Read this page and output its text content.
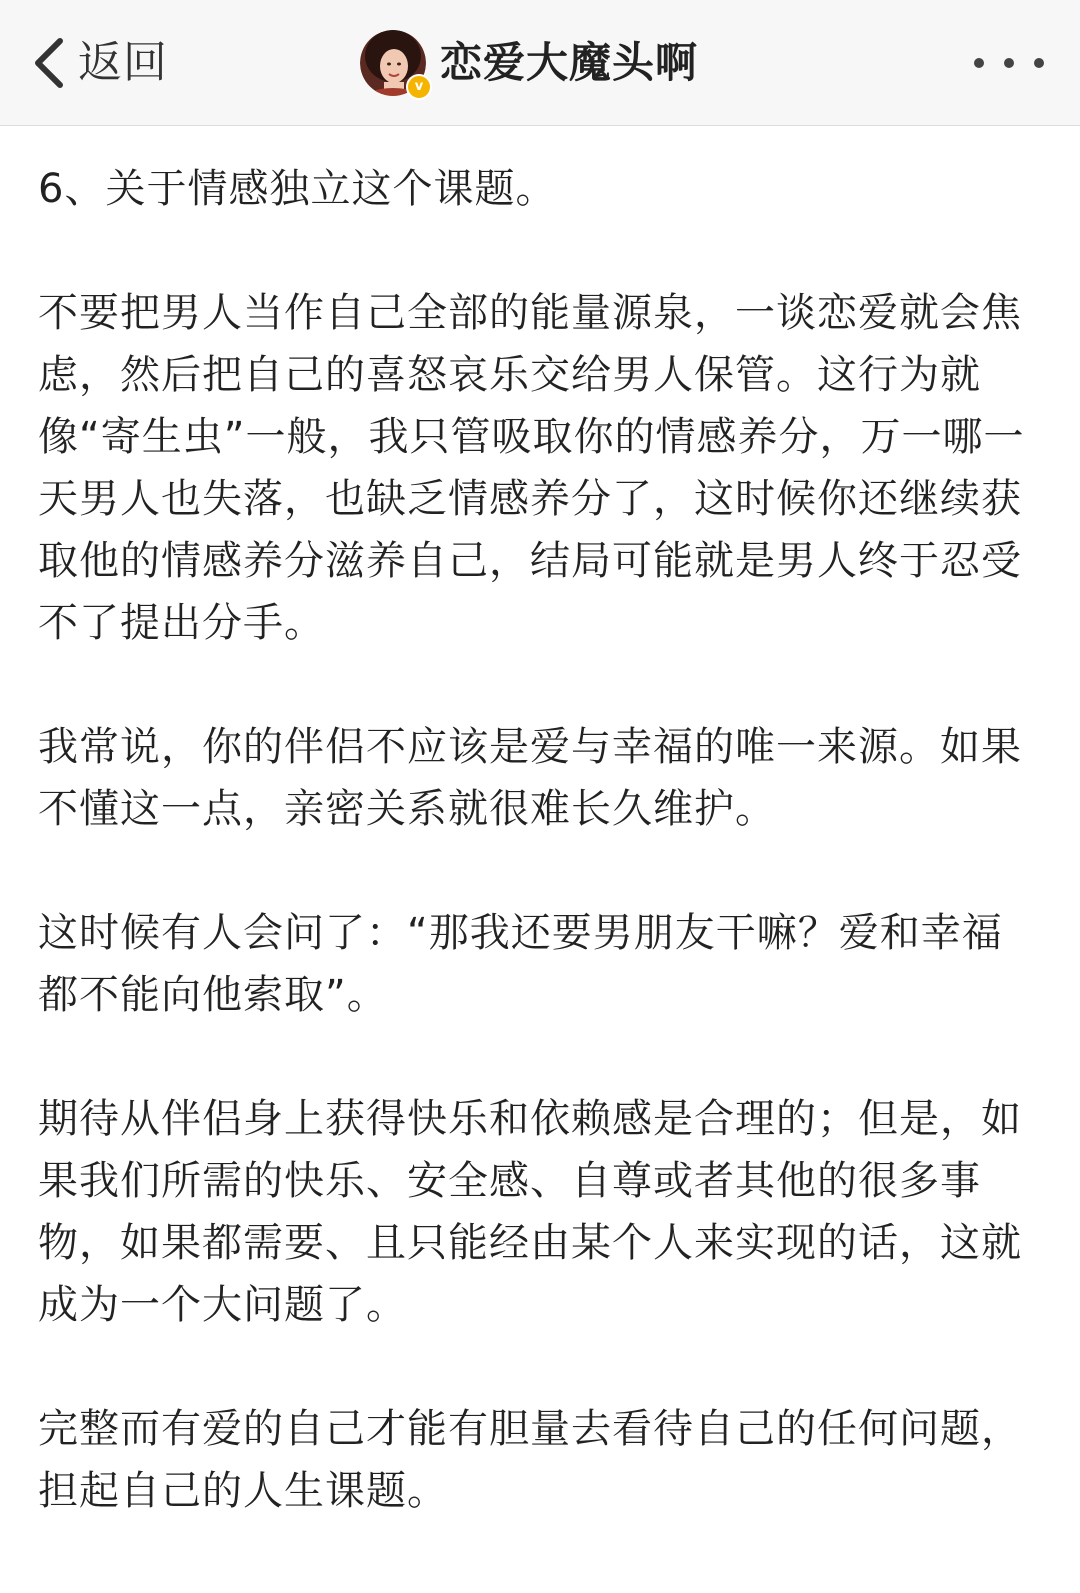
返回	v 恋爱大魔头啊

6、关于情感独立这个课题。

不要把男人当作自己全部的能量源泉，一谈恋爱就会焦虑，然后把自己的喜怒哀乐交给男人保管。这行为就像“寄生虫”一般，我只管吸取你的情感养分，万一哪一天男人也失落，也缺乏情感养分了，这时候你还继续获取他的情感养分滋养自己，结局可能就是男人终于忍受不了提出分手。

我常说，你的伴侣不应该是爱与幸福的唯一来源。如果不懂这一点，亲密关系就很难长久维护。

这时候有人会问了：“那我还要男朋友干嘛？爱和幸福都不能向他索取”。

期待从伴侣身上获得快乐和依赖感是合理的；但是，如果我们所需的快乐、安全感、自尊或者其他的很多事物，如果都需要、且只能经由某个人来实现的话，这就成为一个大问题了。

完整而有爱的自己才能有胆量去看待自己的任何问题，担起自己的人生课题。
